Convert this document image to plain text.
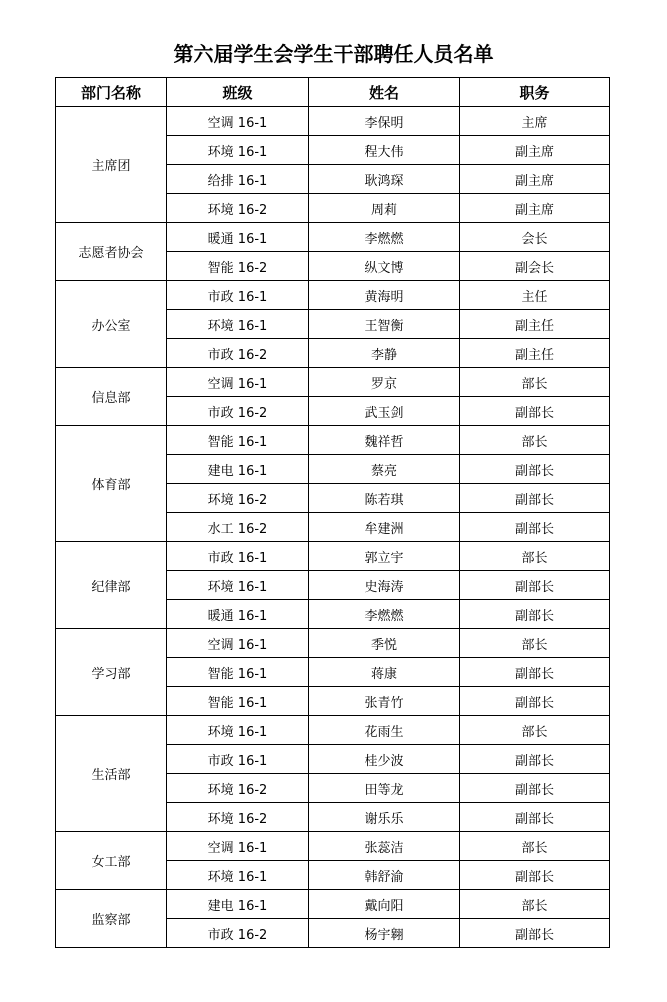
第六届学生会学生干部聘任人员名单
部门名称	班级	姓名	职务
主席团	空调 16-1	李保明	主席
	环境 16-1	程大伟	副主席
	给排 16-1	耿鸿琛	副主席
	环境 16-2	周莉	副主席
志愿者协会	暖通 16-1	李燃燃	会长
	智能 16-2	纵文博	副会长
办公室	市政 16-1	黄海明	主任
	环境 16-1	王智衡	副主任
	市政 16-2	李静	副主任
信息部	空调 16-1	罗京	部长
	市政 16-2	武玉剑	副部长
体育部	智能 16-1	魏祥哲	部长
	建电 16-1	蔡亮	副部长
	环境 16-2	陈若琪	副部长
	水工 16-2	牟建洲	副部长
纪律部	市政 16-1	郭立宇	部长
	环境 16-1	史海涛	副部长
	暖通 16-1	李燃燃	副部长
学习部	空调 16-1	季悦	部长
	智能 16-1	蒋康	副部长
	智能 16-1	张青竹	副部长
生活部	环境 16-1	花雨生	部长
	市政 16-1	桂少波	副部长
	环境 16-2	田等龙	副部长
	环境 16-2	谢乐乐	副部长
女工部	空调 16-1	张蕊洁	部长
	环境 16-1	韩舒渝	副部长
监察部	建电 16-1	戴向阳	部长
	市政 16-2	杨宇翱	副部长
